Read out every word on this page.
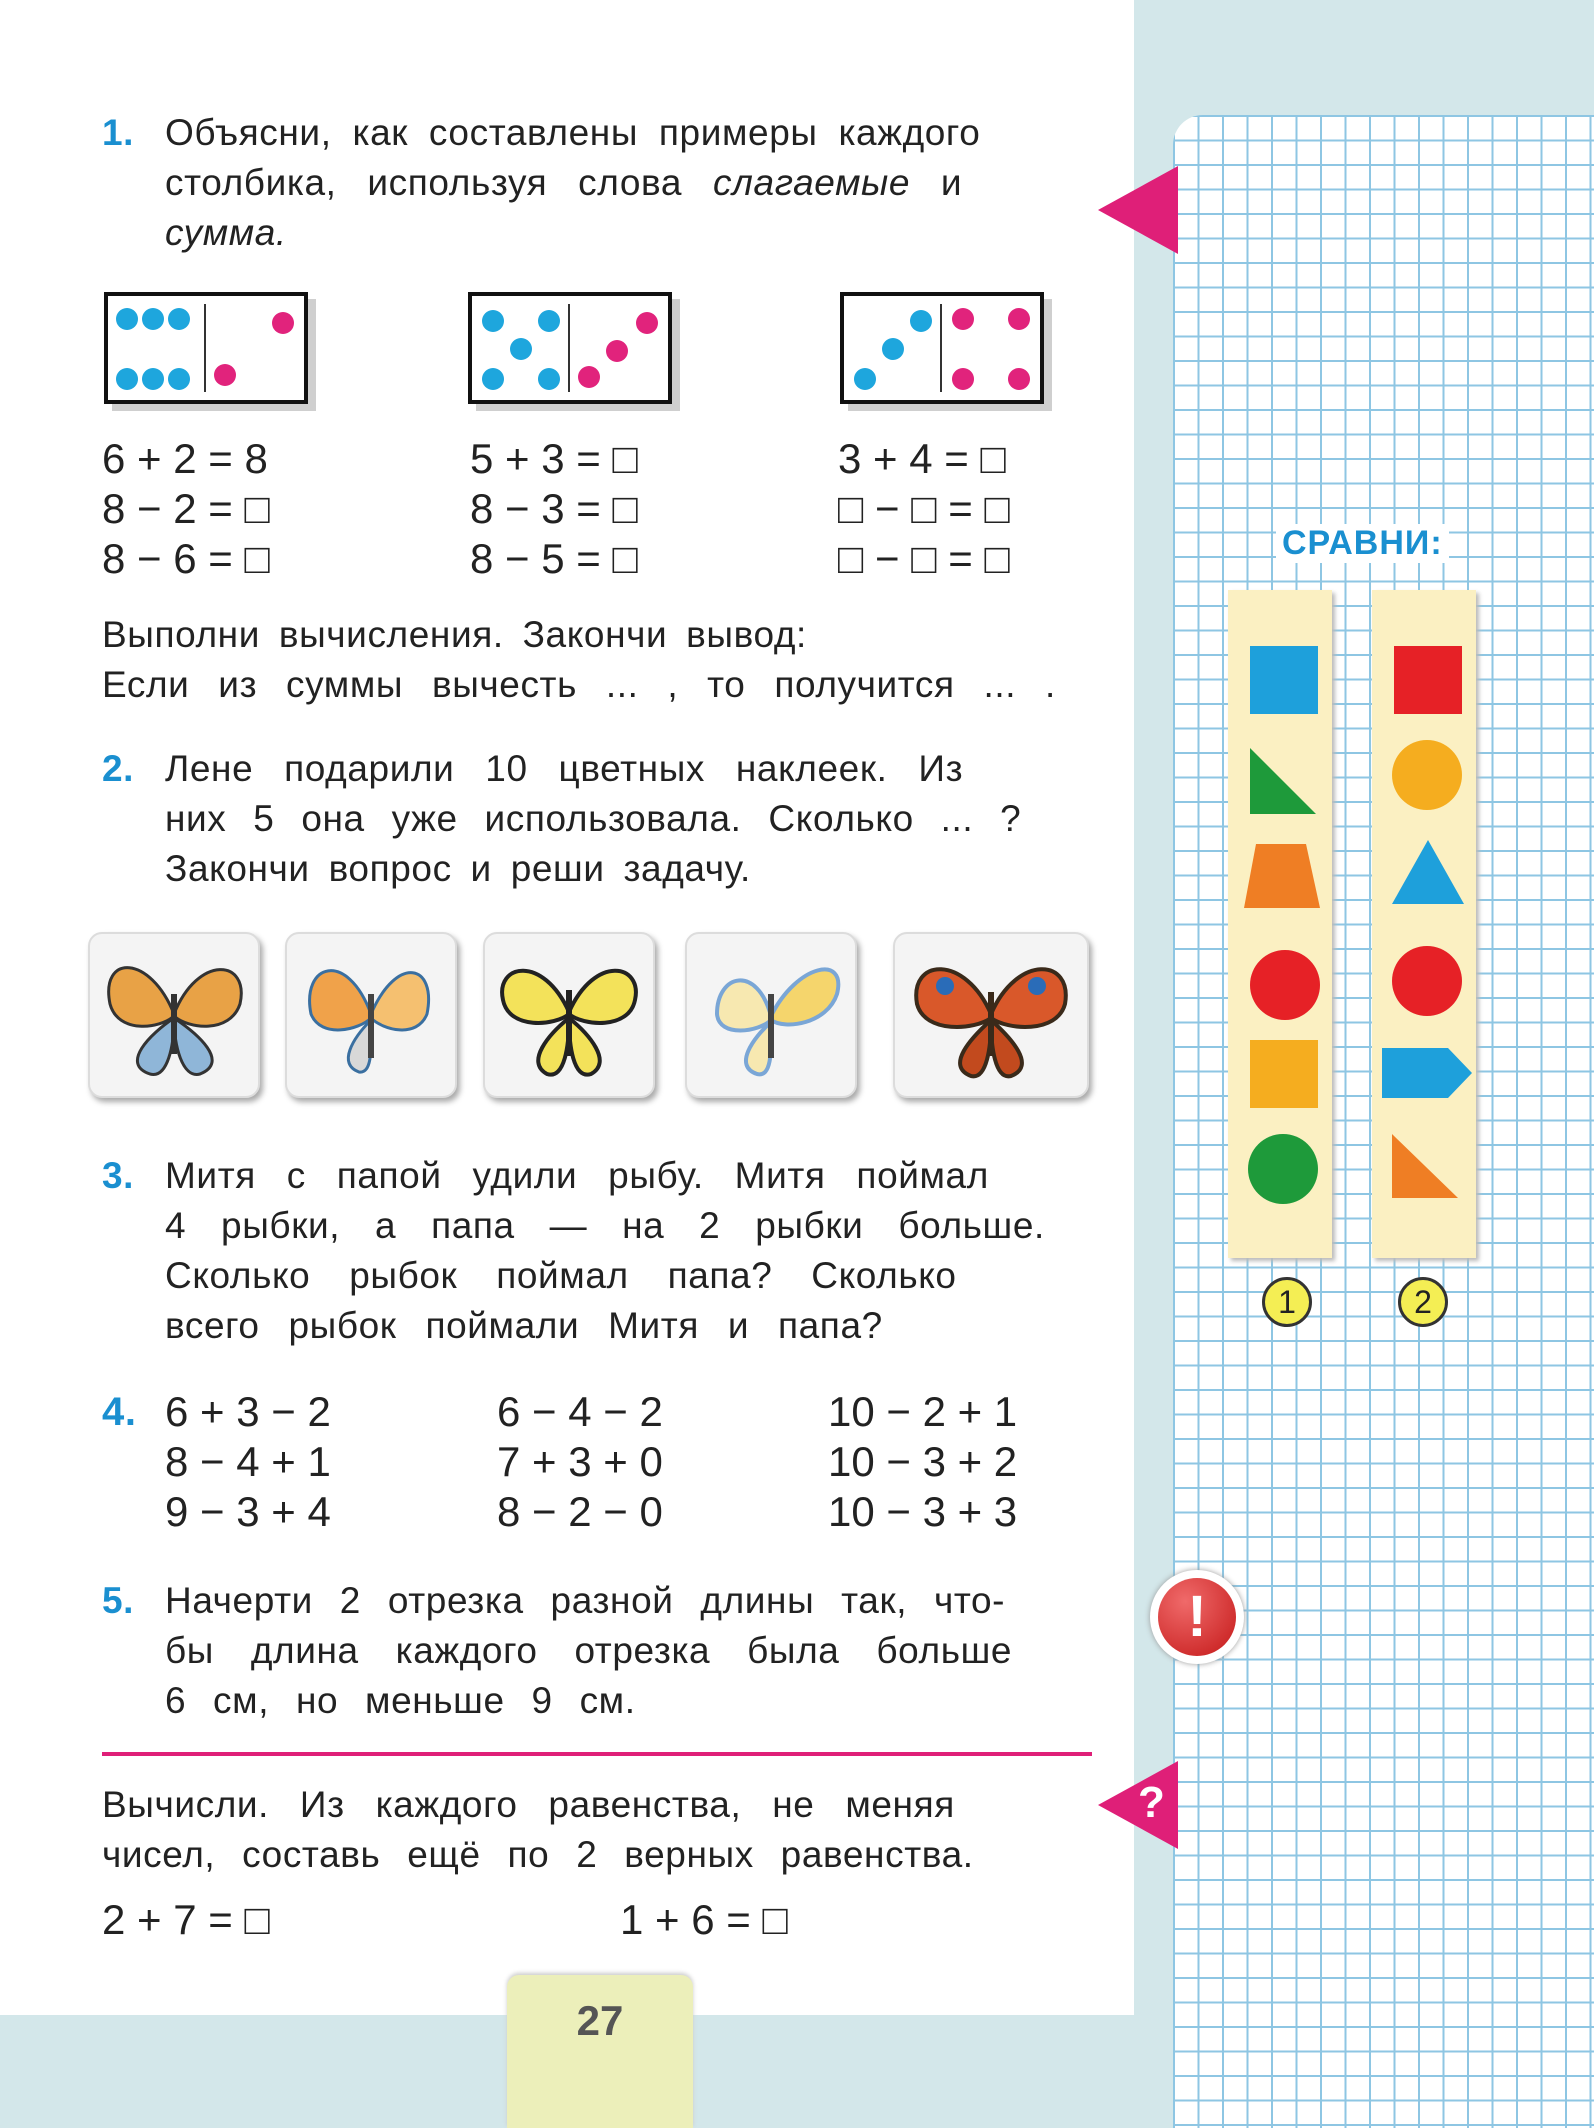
1. Объясни, как составлены примеры каждого
столбика, используя слова слагаемые и
сумма.
6 + 2 = 8
8 − 2 = □
8 − 6 = □
5 + 3 = □
8 − 3 = □
8 − 5 = □
3 + 4 = □
□ − □ = □
□ − □ = □
Выполни вычисления. Закончи вывод:
Если из суммы вычесть ... , то получится ... .
2. Лене подарили 10 цветных наклеек. Из
них 5 она уже использовала. Сколько ... ?
Закончи вопрос и реши задачу.
3. Митя с папой удили рыбу. Митя поймал
4 рыбки, а папа — на 2 рыбки больше.
Сколько рыбок поймал папа? Сколько
всего рыбок поймали Митя и папа?
4. 6 + 3 − 2
8 − 4 + 1
9 − 3 + 4
6 − 4 − 2
7 + 3 + 0
8 − 2 − 0
10 − 2 + 1
10 − 3 + 2
10 − 3 + 3
5. Начерти 2 отрезка разной длины так, что-
бы длина каждого отрезка была больше
6 см, но меньше 9 см.
!
Вычисли. Из каждого равенства, не меняя
чисел, составь ещё по 2 верных равенства.
2 + 7 = □	1 + 6 = □
?
27
СРАВНИ:
1	2
